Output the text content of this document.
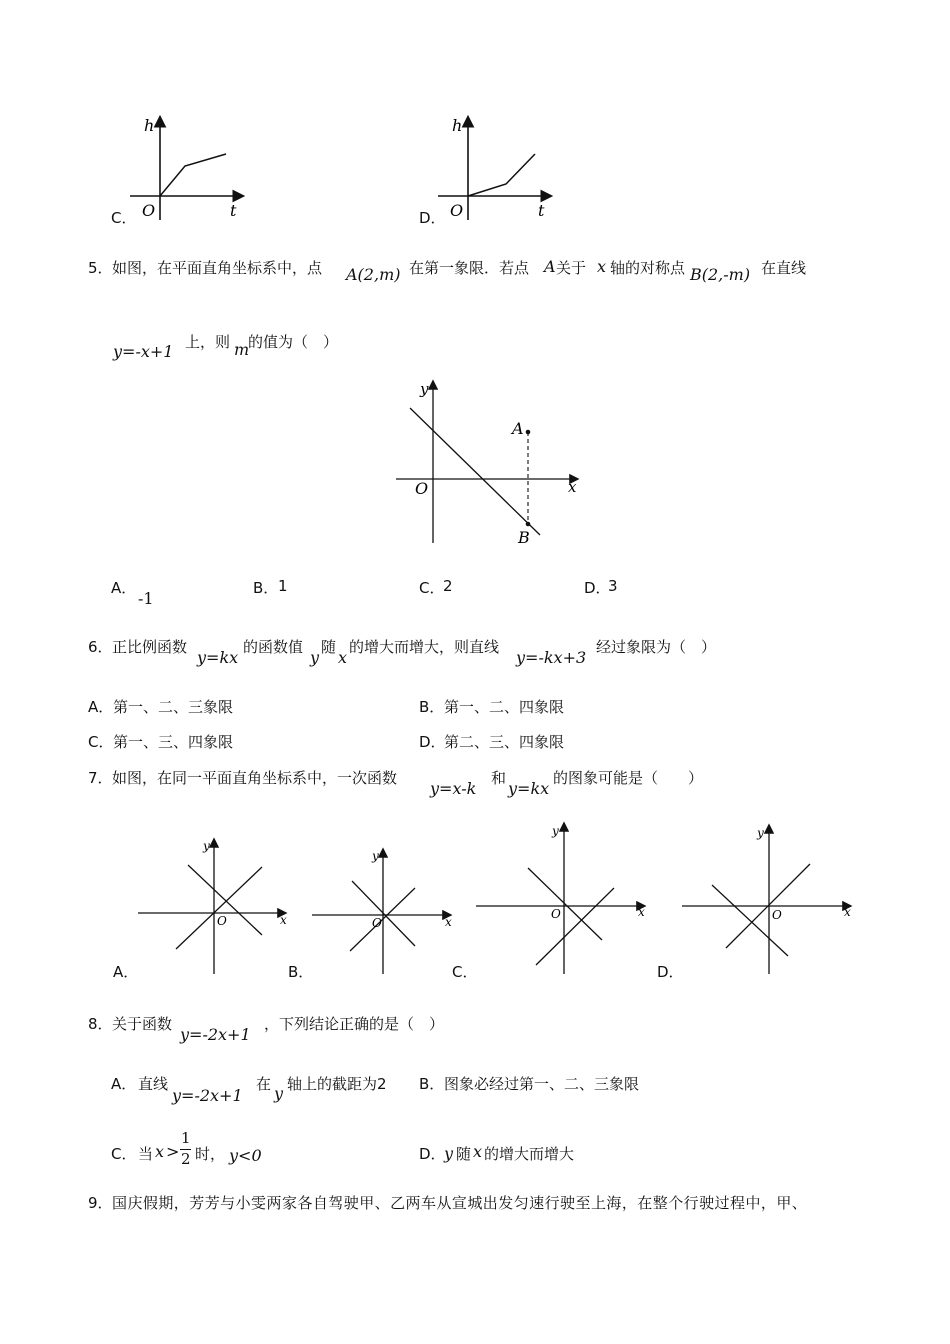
C．
h
t
O	D．
h
t
O
5． 如图，在平面直角坐标系中，点 A(2,m) 在第一象限．若点 A 关于 x 轴的对称点 B(2,-m) 在直线
y=-x+1 上，则 m
的值为（　）
y
x
O
A
B
A．
-1
B． 1	C．
2	D．
3
6． 正比例函数
y=kx
的函数值
y
随
x
的增大而增大，则直线
y=-kx+3
经过象限为（　）
A． 第一、二、三象限	B． 第一、二、四象限
C． 第一、三、四象限	D．
第二、三、四象限
7． 如图，在同一平面直角坐标系中，一次函数
y=x-k
和
y=kx
的图象可能是（　　）
y
x
O
A．
y
x
O
B．
y
x
O
C．
y
x
O
D．
8． 关于函数
y=-2x+1
，下列结论正确的是（　）
A． 直线
y=-2x+1
在 y 轴上的截距为2 B． 图象必经过第一、二、三象限
C． 当 x >
1
2 时， y<0	D．
y 随 x 的增大而增大
9． 国庆假期，芳芳与小雯两家各自驾驶甲、乙两车从宣城出发匀速行驶至上海，在整个行驶过程中，甲、
